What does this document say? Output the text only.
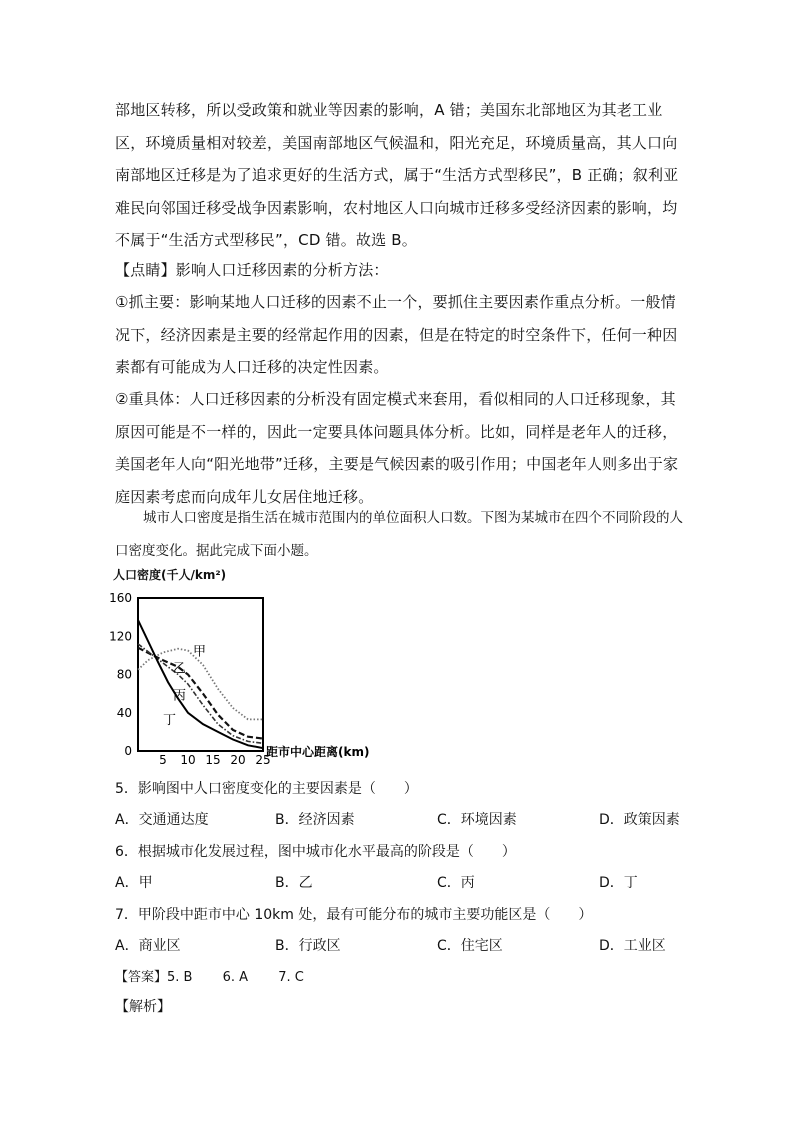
部地区转移，所以受政策和就业等因素的影响，A 错；美国东北部地区为其老工业区，环境质量相对较差，美国南部地区气候温和，阳光充足，环境质量高，其人口向南部地区迁移是为了追求更好的生活方式，属于“生活方式型移民”，B 正确；叙利亚难民向邻国迁移受战争因素影响，农村地区人口向城市迁移多受经济因素的影响，均不属于“生活方式型移民”，CD 错。故选 B。
【点睛】影响人口迁移因素的分析方法：
①抓主要：影响某地人口迁移的因素不止一个，要抓住主要因素作重点分析。一般情况下，经济因素是主要的经常起作用的因素，但是在特定的时空条件下，任何一种因素都有可能成为人口迁移的决定性因素。
②重具体：人口迁移因素的分析没有固定模式来套用，看似相同的人口迁移现象，其原因可能是不一样的，因此一定要具体问题具体分析。比如，同样是老年人的迁移，美国老年人向“阳光地带”迁移，主要是气候因素的吸引作用；中国老年人则多出于家庭因素考虑而向成年儿女居住地迁移。
城市人口密度是指生活在城市范围内的单位面积人口数。下图为某城市在四个不同阶段的人口密度变化。据此完成下面小题。
人口密度(千人/km²)
0
40
80
120
160
5 10 15 20 25
距市中心距离(km)
甲
乙
丙
丁
5．影响图中人口密度变化的主要因素是（　　）
A．交通通达度	B．经济因素	C．环境因素	D．政策因素
6．根据城市化发展过程，图中城市化水平最高的阶段是（　　）
A．甲	B．乙	C．丙	D．丁
7．甲阶段中距市中心 10km 处，最有可能分布的城市主要功能区是（　　）
A．商业区	B．行政区	C．住宅区	D．工业区
【答案】5. B 6. A 7. C
【解析】
